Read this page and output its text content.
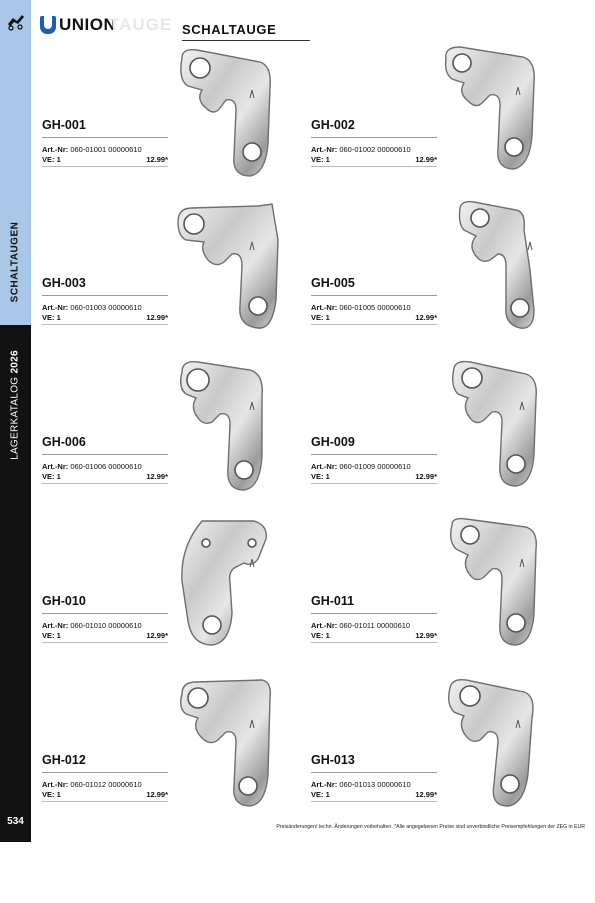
SCHALTAUGEN
LAGERKATALOG 2026
534
UNION
TAUGE SCHALTAUGE
GH-001
Art.-Nr: 060-01001 00000610
VE: 1	12.99*
GH-002
Art.-Nr: 060-01002 00000610
VE: 1	12.99*
GH-003
Art.-Nr: 060-01003 00000610
VE: 1	12.99*
GH-005
Art.-Nr: 060-01005 00000610
VE: 1	12.99*
GH-006
Art.-Nr: 060-01006 00000610
VE: 1	12.99*
GH-009
Art.-Nr: 060-01009 00000610
VE: 1	12.99*
GH-010
Art.-Nr: 060-01010 00000610
VE: 1	12.99*
GH-011
Art.-Nr: 060-01011 00000610
VE: 1	12.99*
GH-012
Art.-Nr: 060-01012 00000610
VE: 1	12.99*
GH-013
Art.-Nr: 060-01013 00000610
VE: 1	12.99*
Preisänderungen/ techn. Änderungen vorbehalten. *Alle angegebenen Preise sind unverbindliche Preisempfehlungen der ZEG in EUR
